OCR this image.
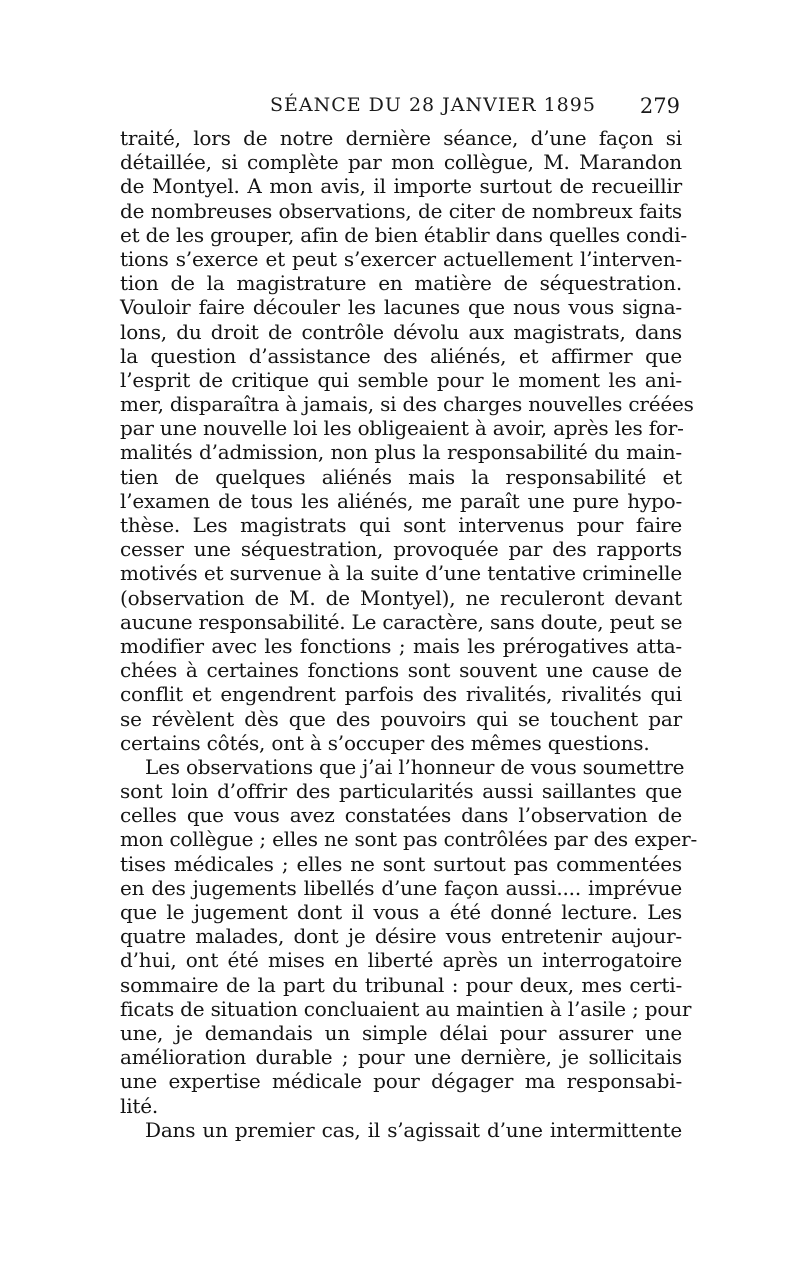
SÉANCE DU 28 JANVIER 1895 279
traité, lors de notre dernière séance, d’une façon si
détaillée, si complète par mon collègue, M. Marandon
de Montyel. A mon avis, il importe surtout de recueillir
de nombreuses observations, de citer de nombreux faits
et de les grouper, afin de bien établir dans quelles condi-
tions s’exerce et peut s’exercer actuellement l’interven-
tion de la magistrature en matière de séquestration.
Vouloir faire découler les lacunes que nous vous signa-
lons, du droit de contrôle dévolu aux magistrats, dans
la question d’assistance des aliénés, et affirmer que
l’esprit de critique qui semble pour le moment les ani-
mer, disparaîtra à jamais, si des charges nouvelles créées
par une nouvelle loi les obligeaient à avoir, après les for-
malités d’admission, non plus la responsabilité du main-
tien de quelques aliénés mais la responsabilité et
l’examen de tous les aliénés, me paraît une pure hypo-
thèse. Les magistrats qui sont intervenus pour faire
cesser une séquestration, provoquée par des rapports
motivés et survenue à la suite d’une tentative criminelle
(observation de M. de Montyel), ne reculeront devant
aucune responsabilité. Le caractère, sans doute, peut se
modifier avec les fonctions ; mais les prérogatives atta-
chées à certaines fonctions sont souvent une cause de
conflit et engendrent parfois des rivalités, rivalités qui
se révèlent dès que des pouvoirs qui se touchent par
certains côtés, ont à s’occuper des mêmes questions.
Les observations que j’ai l’honneur de vous soumettre
sont loin d’offrir des particularités aussi saillantes que
celles que vous avez constatées dans l’observation de
mon collègue ; elles ne sont pas contrôlées par des exper-
tises médicales ; elles ne sont surtout pas commentées
en des jugements libellés d’une façon aussi.... imprévue
que le jugement dont il vous a été donné lecture. Les
quatre malades, dont je désire vous entretenir aujour-
d’hui, ont été mises en liberté après un interrogatoire
sommaire de la part du tribunal : pour deux, mes certi-
ficats de situation concluaient au maintien à l’asile ; pour
une, je demandais un simple délai pour assurer une
amélioration durable ; pour une dernière, je sollicitais
une expertise médicale pour dégager ma responsabi-
lité.
Dans un premier cas, il s’agissait d’une intermittente
